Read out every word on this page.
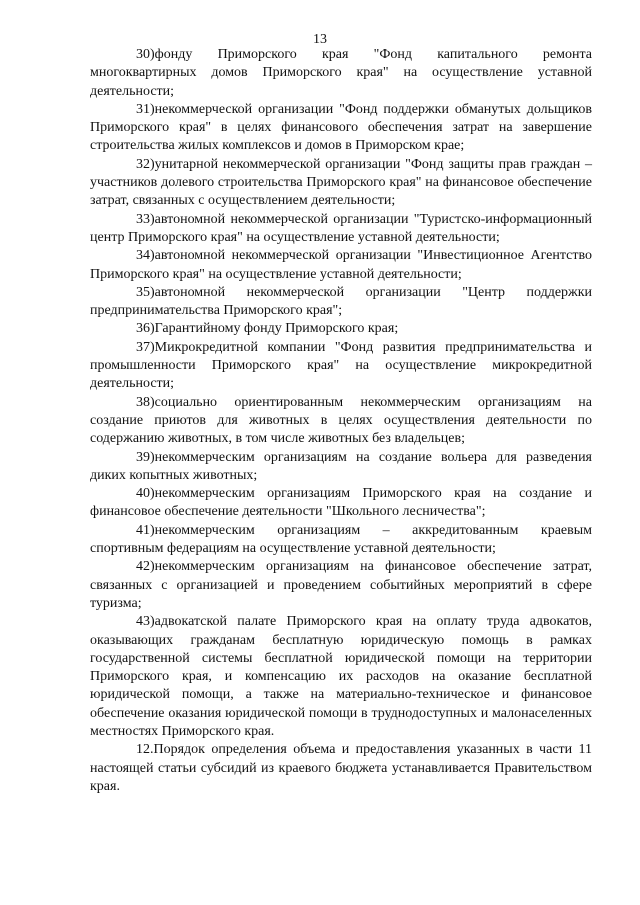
13

30)фонду Приморского края "Фонд капитального ремонта многоквартирных домов Приморского края" на осуществление уставной деятельности;

31)некоммерческой организации "Фонд поддержки обманутых дольщиков Приморского края" в целях финансового обеспечения затрат на завершение строительства жилых комплексов и домов в Приморском крае;

32)унитарной некоммерческой организации "Фонд защиты прав граждан – участников долевого строительства Приморского края" на финансовое обеспечение затрат, связанных с осуществлением деятельности;

33)автономной некоммерческой организации "Туристско-информационный центр Приморского края" на осуществление уставной деятельности;

34)автономной некоммерческой организации "Инвестиционное Агентство Приморского края" на осуществление уставной деятельности;

35)автономной некоммерческой организации "Центр поддержки предпринимательства Приморского края";

36)Гарантийному фонду Приморского края;

37)Микрокредитной компании "Фонд развития предпринимательства и промышленности Приморского края" на осуществление микрокредитной деятельности;

38)социально ориентированным некоммерческим организациям на создание приютов для животных в целях осуществления деятельности по содержанию животных, в том числе животных без владельцев;

39)некоммерческим организациям на создание вольера для разведения диких копытных животных;

40)некоммерческим организациям Приморского края на создание и финансовое обеспечение деятельности "Школьного лесничества";

41)некоммерческим организациям – аккредитованным краевым спортивным федерациям на осуществление уставной деятельности;

42)некоммерческим организациям на финансовое обеспечение затрат, связанных с организацией и проведением событийных мероприятий в сфере туризма;

43)адвокатской палате Приморского края на оплату труда адвокатов, оказывающих гражданам бесплатную юридическую помощь в рамках государственной системы бесплатной юридической помощи на территории Приморского края, и компенсацию их расходов на оказание бесплатной юридической помощи, а также на материально-техническое и финансовое обеспечение оказания юридической помощи в труднодоступных и малонаселенных местностях Приморского края.

12.Порядок определения объема и предоставления указанных в части 11 настоящей статьи субсидий из краевого бюджета устанавливается Правительством края.
